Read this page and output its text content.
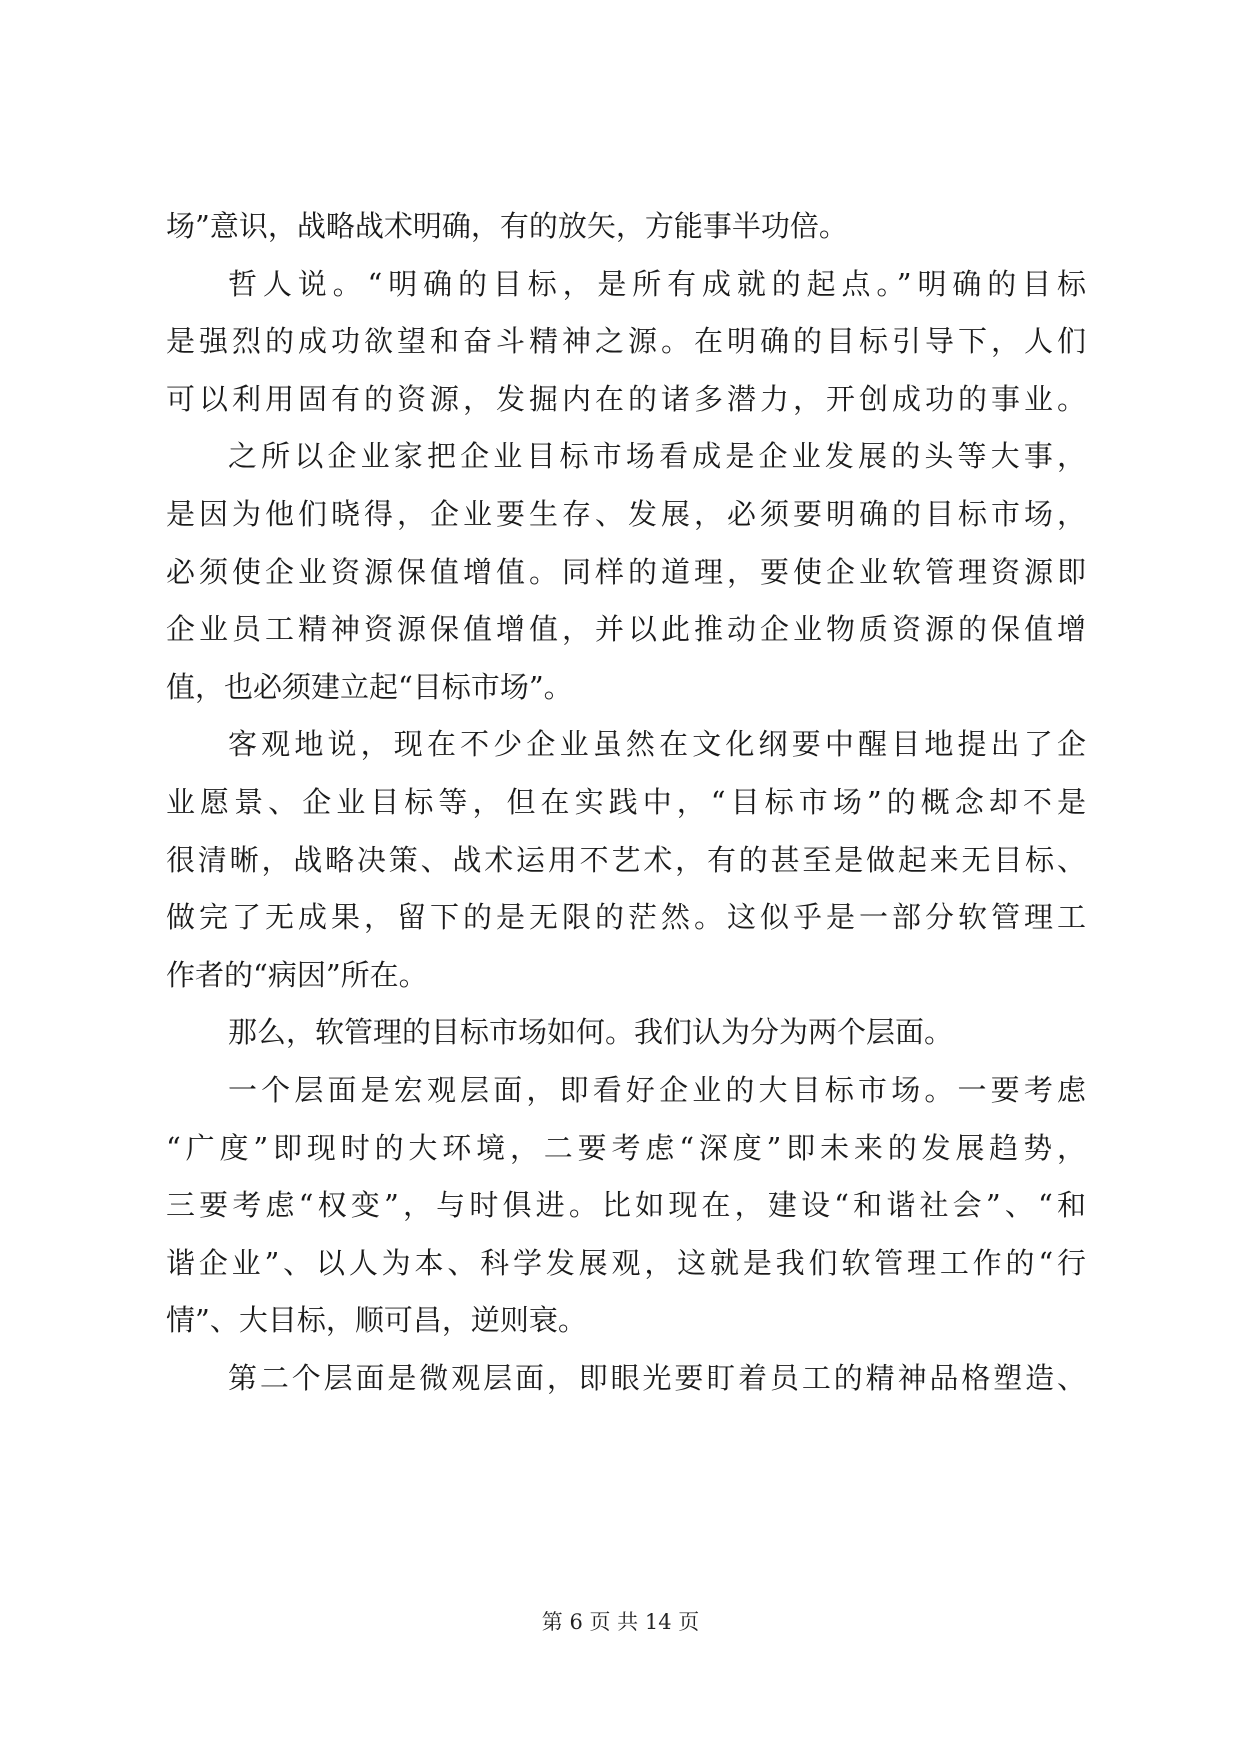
场”意识，战略战术明确，有的放矢，方能事半功倍。
哲人说。“明确的目标，是所有成就的起点。”明确的目标
是强烈的成功欲望和奋斗精神之源。在明确的目标引导下，人们
可以利用固有的资源，发掘内在的诸多潜力，开创成功的事业。
之所以企业家把企业目标市场看成是企业发展的头等大事，
是因为他们晓得，企业要生存、发展，必须要明确的目标市场，
必须使企业资源保值增值。同样的道理，要使企业软管理资源即
企业员工精神资源保值增值，并以此推动企业物质资源的保值增
值，也必须建立起“目标市场”。
客观地说，现在不少企业虽然在文化纲要中醒目地提出了企
业愿景、企业目标等，但在实践中，“目标市场”的概念却不是
很清晰，战略决策、战术运用不艺术，有的甚至是做起来无目标、
做完了无成果，留下的是无限的茫然。这似乎是一部分软管理工
作者的“病因”所在。
那么，软管理的目标市场如何。我们认为分为两个层面。
一个层面是宏观层面，即看好企业的大目标市场。一要考虑
“广度”即现时的大环境，二要考虑“深度”即未来的发展趋势，
三要考虑“权变”，与时俱进。比如现在，建设“和谐社会”、“和
谐企业”、以人为本、科学发展观，这就是我们软管理工作的“行
情”、大目标，顺可昌，逆则衰。
第二个层面是微观层面，即眼光要盯着员工的精神品格塑造、
第 6 页 共 14 页
